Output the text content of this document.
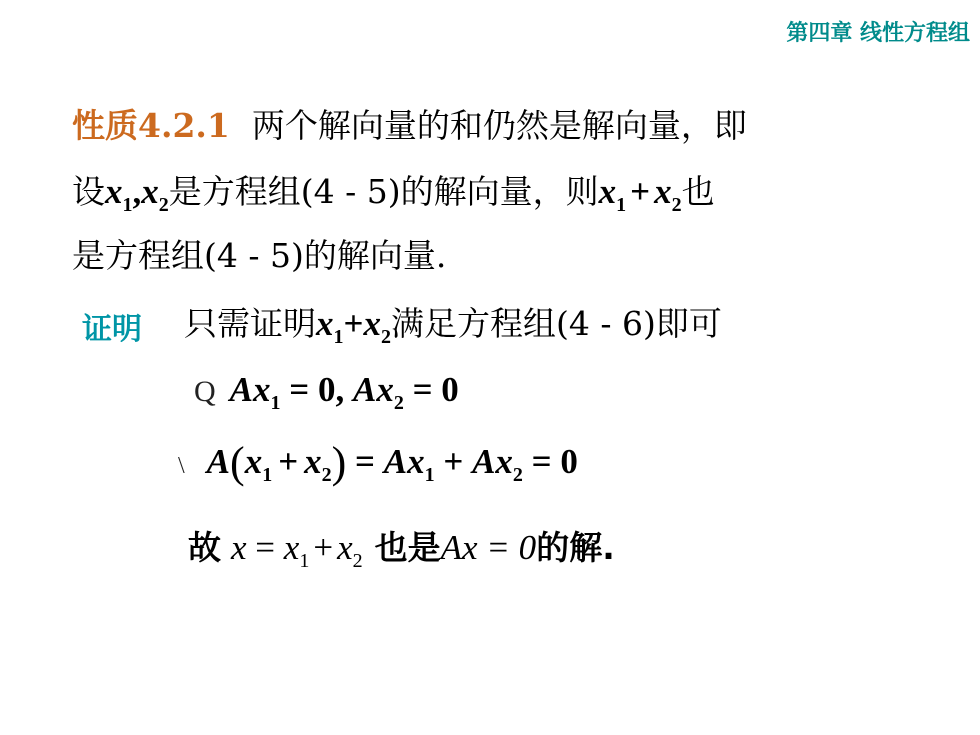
第四章 线性方程组
性质4.2.1 两个解向量的和仍然是解向量，即
设$x_1,x_2$是方程组(4 - 5)的解向量，则$x_1 + x_2$也
是方程组(4 - 5)的解向量.
证明 只需证明$x_1+x_2$满足方程组(4 - 6)即可
Q $Ax_1 = 0$, $Ax_2 = 0$
\ $A(x_1 + x_2) = Ax_1 + Ax_2 = 0$
故 $x = x_1 + x_2$ 也是Ax = 0的解.
